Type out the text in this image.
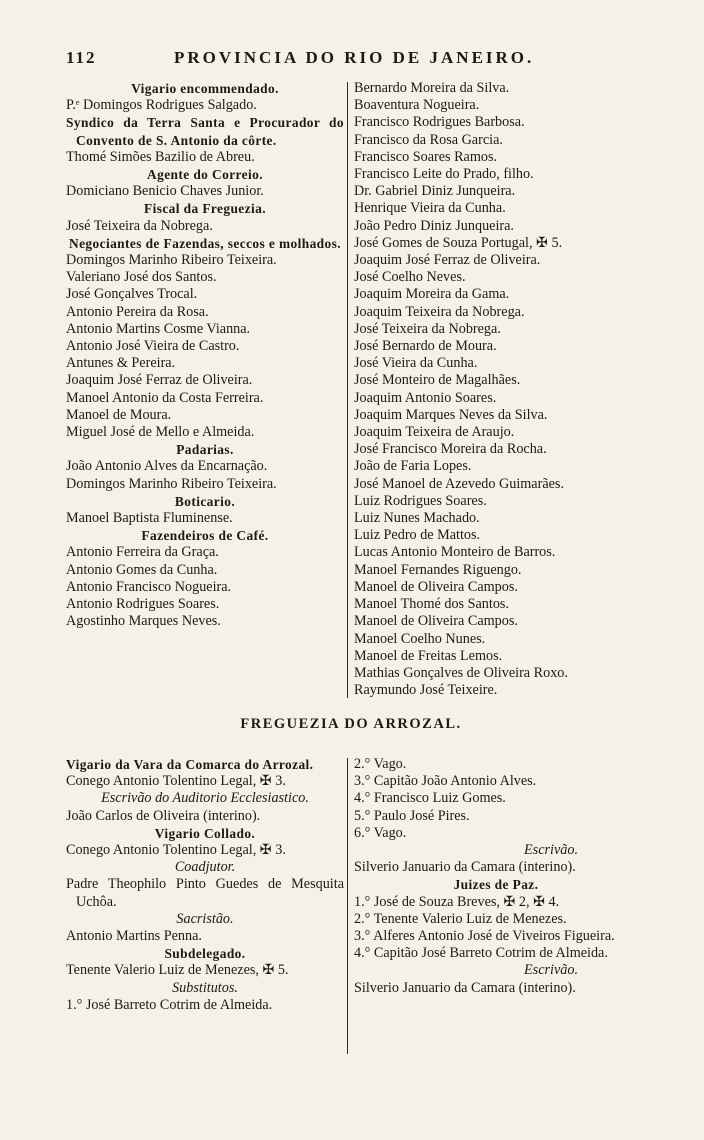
112	PROVINCIA DO RIO DE JANEIRO.
Vigario encommendado.
P.ᵉ Domingos Rodrigues Salgado.
Syndico da Terra Santa e Procurador do Convento de S. Antonio da côrte.
Thomé Simões Bazilio de Abreu.
Agente do Correio.
Domiciano Benicio Chaves Junior.
Fiscal da Freguezia.
José Teixeira da Nobrega.
Negociantes de Fazendas, seccos e molhados.
Domingos Marinho Ribeiro Teixeira.
Valeriano José dos Santos.
José Gonçalves Trocal.
Antonio Pereira da Rosa.
Antonio Martins Cosme Vianna.
Antonio José Vieira de Castro.
Antunes & Pereira.
Joaquim José Ferraz de Oliveira.
Manoel Antonio da Costa Ferreira.
Manoel de Moura.
Miguel José de Mello e Almeida.
Padarias.
João Antonio Alves da Encarnação.
Domingos Marinho Ribeiro Teixeira.
Boticario.
Manoel Baptista Fluminense.
Fazendeiros de Café.
Antonio Ferreira da Graça.
Antonio Gomes da Cunha.
Antonio Francisco Nogueira.
Antonio Rodrigues Soares.
Agostinho Marques Neves.
Bernardo Moreira da Silva.
Boaventura Nogueira.
Francisco Rodrigues Barbosa.
Francisco da Rosa Garcia.
Francisco Soares Ramos.
Francisco Leite do Prado, filho.
Dr. Gabriel Diniz Junqueira.
Henrique Vieira da Cunha.
João Pedro Diniz Junqueira.
José Gomes de Souza Portugal, ✠ 5.
Joaquim José Ferraz de Oliveira.
José Coelho Neves.
Joaquim Moreira da Gama.
Joaquim Teixeira da Nobrega.
José Teixeira da Nobrega.
José Bernardo de Moura.
José Vieira da Cunha.
José Monteiro de Magalhães.
Joaquim Antonio Soares.
Joaquim Marques Neves da Silva.
Joaquim Teixeira de Araujo.
José Francisco Moreira da Rocha.
João de Faria Lopes.
José Manoel de Azevedo Guimarães.
Luiz Rodrigues Soares.
Luiz Nunes Machado.
Luiz Pedro de Mattos.
Lucas Antonio Monteiro de Barros.
Manoel Fernandes Riguengo.
Manoel de Oliveira Campos.
Manoel Thomé dos Santos.
Manoel de Oliveira Campos.
Manoel Coelho Nunes.
Manoel de Freitas Lemos.
Mathias Gonçalves de Oliveira Roxo.
Raymundo José Teixeire.
FREGUEZIA DO ARROZAL.
Vigario da Vara da Comarca do Arrozal.
Conego Antonio Tolentino Legal, ✠ 3.
Escrivão do Auditorio Ecclesiastico.
João Carlos de Oliveira (interino).
Vigario Collado.
Conego Antonio Tolentino Legal, ✠ 3.
Coadjutor.
Padre Theophilo Pinto Guedes de Mesquita Uchôa.
Sacristão.
Antonio Martins Penna.
Subdelegado.
Tenente Valerio Luiz de Menezes, ✠ 5.
Substitutos.
1.° José Barreto Cotrim de Almeida.
2.° Vago.
3.° Capitão João Antonio Alves.
4.° Francisco Luiz Gomes.
5.° Paulo José Pires.
6.° Vago.
Escrivão.
Silverio Januario da Camara (interino).
Juizes de Paz.
1.° José de Souza Breves, ✠ 2, ✠ 4.
2.° Tenente Valerio Luiz de Menezes.
3.° Alferes Antonio José de Viveiros Figueira.
4.° Capitão José Barreto Cotrim de Almeida.
Escrivão.
Silverio Januario da Camara (interino).
